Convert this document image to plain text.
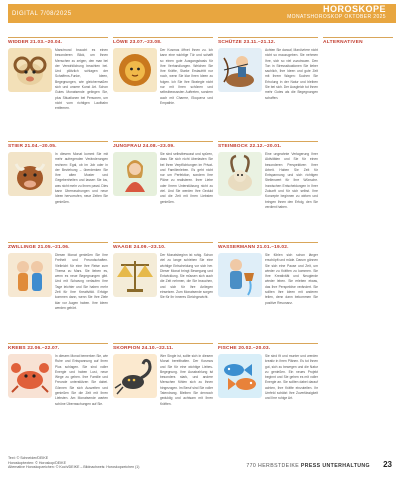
DIGITAL 7/08/2025	HOROSKOPE
MONATSHOROSKOP OKTOBER 2025
WIDDER 21.03.–20.04.
Mars/mond braucht es einen besonderen Blick, um Ihnen Menschen zu zeigen, den man bei der Verwirklichung beachten bei. Und plötzlich schlagen der Schaffens-Funke, Ideen, Begegnungen, wie gleichermaßen sich und unsere Kunst Art. Schon Gutes Monatsende gelingen Sie, plus Situationen bei Personen, um nicht vom richtigen Laufbahn entfernen.
LÖWE 23.07.–23.08.
Der Kosmos öffnet Ihnen zu. Ich kann eine wichtige Tür und schafft so einen gute Ausgangsbasis für Ihre Verhandlungen. Weichen Sie Ihre Kräfte, Starke Erstaufritt nur noch, wenn Sie klar Ihren Ideen zu folgen. Ich Sie Ihre Strategie nicht nur mit Ihren schönen und selbstbewussten Auftreten, sondern auch mit Charme, Eloquenz und Empathie.
SCHÜTZE 23.11.–21.12.
Achten Sie darauf, Manövriere nicht nicht so mauzugeben. Sie nehmen Ihre, sich so viel zuzutrauen. Den Ton in Stresssituationen Sie lieber sachlich, Ihre Ideen und gute Zeit mit Ihrem Wagen: Suchen Sie Erholung in der Natur und bleiben Sie bei sich. Der Ausgleich tut Ihnen mehr Gutes als die Begegnungen schaffen.
STIER 21.04.–20.05.
In diesem Monat kommt Sie mit mehr aufregenden Veränderungen rechnen: Egal, ob im Job oder in der Beziehung – überdenken Sie Ihre alten Muster und Gegebenheiten und lassen Sie los, was nicht mehr zu Ihnen passt. Dies kann Überraschungen und neue Ideen hervorrufen, neue Zeiten Sie genießen.
JUNGFRAU 24.08.–23.09.
Sie sind selbstbewusst und spüren, dass Sie sich nicht überlasten Sie bei Ihren Verpflichtungen im Privat- und Familienleben. Es geht nicht nur um Perfektion, sondern Ihre Pläne zu realisieren. Ihrer Liebe oder Ihrem Unterstützung nicht zu viel. Und Sie werden Ihre Geduld und die Zeit mit Ihren Liebsten genießen.
STEINBOCK 22.12.–20.01.
Eine ungeahnte Verlagerung Ihrer Aktivitäten und Sie für einen besonderen Perspektiven Ihrer Arbeit. Haben Sie Zeit für Entspannung und sich richtigen Stellenwert für Ihre Wünsche. Inzwischen Entscheidungen in Ihrer Zukunft und für sich selbst. Ihre Konzepte beginnen zu wirken und bringen Ihnen den Erfolg, den Sie verdient haben.
ZWILLINGE 21.05.–21.06.
Diesen Monat genießen Sie Ihre Freiheit und Freundschaften. Vielleicht für eine Ihre Reise zum Thema zu Mars. Sie lieben es, wenn es neue Begegnungen gibt. Und mit Schwung verlaufen Ihre Tage leichter und Sie haben mehr Zeit für Ihre Kreativität. Erfolge kommen dann, wenn Sie Ihre Ziele klar vor Augen haben. Ihre Ideen werden gehört.
WAAGE 24.09.–23.10.
Der Monatsbeginn ist ruhig. Schon viel zu lange schieben Sie eine wichtige Entscheidung vor sich her. Dieser Monat bringt Bewegung und Entwicklung. Sie müssen sich auch die Zeit nehmen, die Sie brauchen, und sich für Ihre Anliegen einsetzen. Zum Monatsende sorgen Sie für Ihr inneres Gleichgewicht.
WASSERMANN 21.01.–19.02.
Sie fühlen sich schon länger erschöpft und müde. Darum gönnen Sie sich eine Pause und Zeit, um wieder zu Kräften zu kommen. Sie Ihre Kreativität und Neugierde wieder leben. Sie erleben etwas, das Ihre Perspektive verändert. Sie sollten Ihre Ideen mit anderen teilen, denn dann bekommen Sie positive Resonanz.
KREBS 22.06.–22.07.
In diesem Monat bemerken Sie, wie Ruhe und Entspannung auf Ihren Plus schlagen. Sie sind voller Energie und haben Lust, neue Wege zu gehen. Ihre Familie und Freunde unterstützen Sie dabei. Gönnen Sie sich Auszeiten und genießen Sie die Zeit mit Ihren Liebsten. Am Monatsende warten schöne Überraschungen auf Sie.
SKORPION 24.10.–22.11.
Wer Single ist, sollte sich in diesem Monat bereithalten. Der Kosmos und Sie für eine wichtige Liebes-Begegnung. Ihre Ausstrahlung ist besonders stark, und andere Menschen fühlen sich zu Ihnen hingezogen. Im Beruf sind Sie voller Tatendrang. Bleiben Sie dennoch geduldig und achtsam mit Ihren Kräften.
FISCHE 20.02.–20.03.
Sie sind fit und munter und werden kreativ in ihren Plänen. Es tut Ihnen gut, sich zu bewegen und die Natur zu genießen. Ein neues Projekt beginnt und Sie gehen es mit voller Energie an. Sie sollten dabei darauf achten, Ihre Kräfte einzuteilen. Ihr Umfeld schätzt Ihre Zuverlässigkeit und Ihre ruhige Art.
ALTERNATIVEN
Text: © Schneider/DEIKE
Horoskoptexten: © Horoskop/DEIKE
Alternative Horoskopzeichen: © Koch/DEIKE – Bildnachweis: Horoskopzeichen (1)	770 HERBSTDEIKE PRESS UNTERHALTUNG 23
